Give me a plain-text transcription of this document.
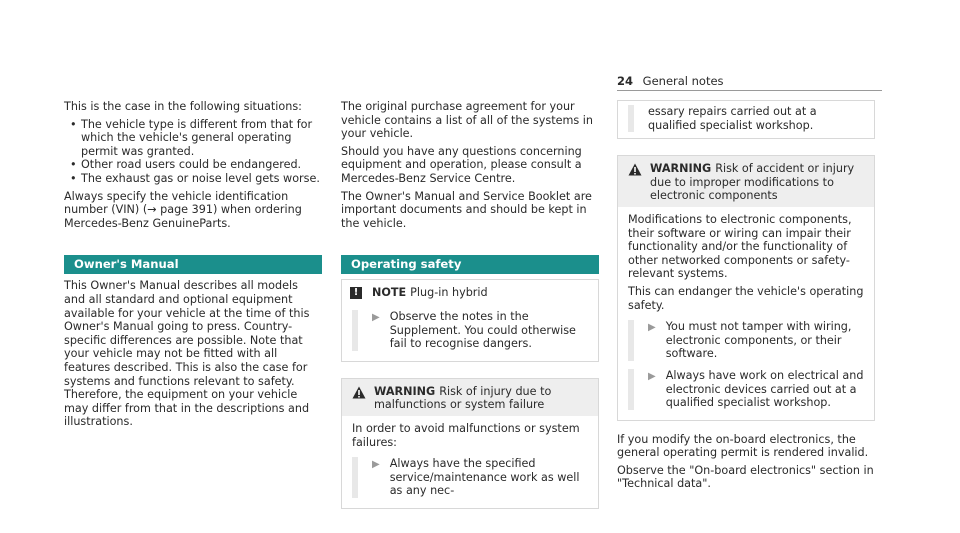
24 General notes

This is the case in the following situations:

• The vehicle type is different from that for which the vehicle's general operating permit was granted.
• Other road users could be endangered.
• The exhaust gas or noise level gets worse.

Always specify the vehicle identification number (VIN) (→ page 391) when ordering Mercedes-Benz GenuineParts.

Owner's Manual

This Owner's Manual describes all models and all standard and optional equipment available for your vehicle at the time of this Owner's Manual going to press. Country-specific differences are possible. Note that your vehicle may not be fitted with all features described. This is also the case for systems and functions relevant to safety. Therefore, the equipment on your vehicle may differ from that in the descriptions and illustrations.

The original purchase agreement for your vehicle contains a list of all of the systems in your vehicle.

Should you have any questions concerning equipment and operation, please consult a Mercedes-Benz Service Centre.

The Owner's Manual and Service Booklet are important documents and should be kept in the vehicle.

Operating safety
!	NOTE Plug-in hybrid
▶ Observe the notes in the Supplement. You could otherwise fail to recognise dangers.
WARNING Risk of injury due to malfunctions or system failure

In order to avoid malfunctions or system failures:

▶ Always have the specified service/maintenance work as well as any nec-
essary repairs carried out at a qualified specialist workshop.
WARNING Risk of accident or injury due to improper modifications to electronic components

Modifications to electronic components, their software or wiring can impair their functionality and/or the functionality of other networked components or safety-relevant systems.

This can endanger the vehicle's operating safety.

▶ You must not tamper with wiring, electronic components, or their software.
▶ Always have work on electrical and electronic devices carried out at a qualified specialist workshop.

If you modify the on-board electronics, the general operating permit is rendered invalid.

Observe the "On-board electronics" section in "Technical data".
